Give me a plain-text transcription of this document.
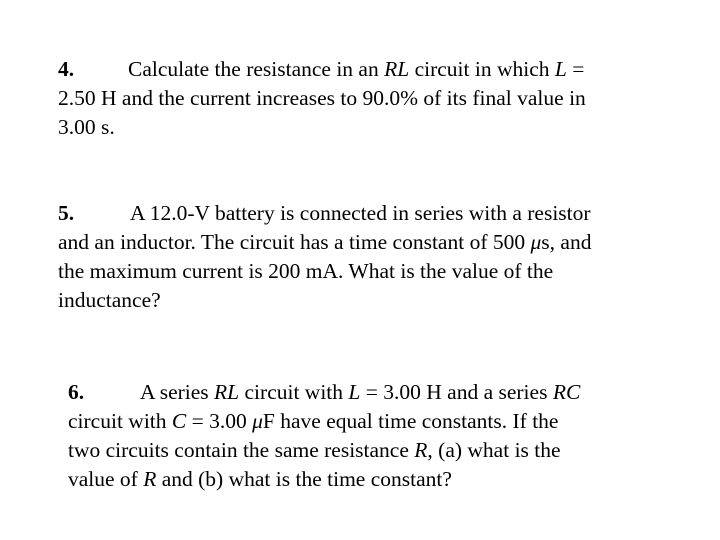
4.	Calculate the resistance in an RL circuit in which L =
2.50 H and the current increases to 90.0% of its final value in
3.00 s.
5.	A 12.0-V battery is connected in series with a resistor
and an inductor. The circuit has a time constant of 500 μs, and
the maximum current is 200 mA. What is the value of the
inductance?
6.	A series RL circuit with L = 3.00 H and a series RC
circuit with C = 3.00 μF have equal time constants. If the
two circuits contain the same resistance R, (a) what is the
value of R and (b) what is the time constant?
